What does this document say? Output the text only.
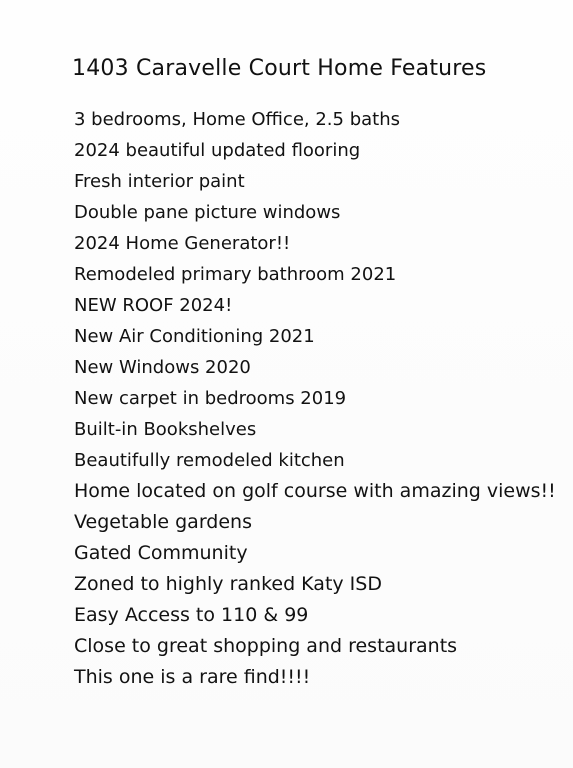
1403 Caravelle Court Home Features
3 bedrooms, Home Office, 2.5 baths
2024 beautiful updated flooring
Fresh interior paint
Double pane picture windows
2024 Home Generator!!
Remodeled primary bathroom 2021
NEW ROOF 2024!
New Air Conditioning 2021
New Windows 2020
New carpet in bedrooms 2019
Built-in Bookshelves
Beautifully remodeled kitchen
Home located on golf course with amazing views!!
Vegetable gardens
Gated Community
Zoned to highly ranked Katy ISD
Easy Access to 110 & 99
Close to great shopping and restaurants
This one is a rare find!!!!
